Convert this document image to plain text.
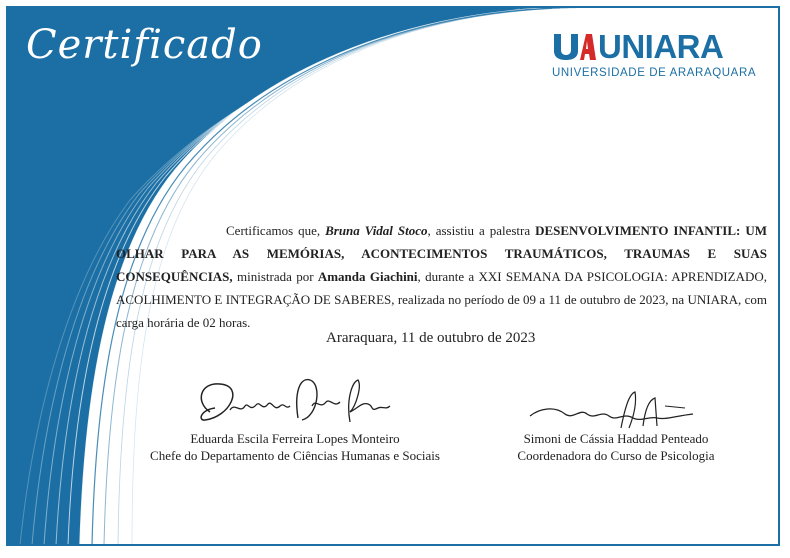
Certificado	UNIARA
UNIVERSIDADE DE ARARAQUARA
Certificamos que, Bruna Vidal Stoco, assistiu a palestra DESENVOLVIMENTO INFANTIL: UM OLHAR PARA AS MEMÓRIAS, ACONTECIMENTOS TRAUMÁTICOS, TRAUMAS E SUAS CONSEQUÊNCIAS, ministrada por Amanda Giachini, durante a XXI SEMANA DA PSICOLOGIA: APRENDIZADO, ACOLHIMENTO E INTEGRAÇÃO DE SABERES, realizada no período de 09 a 11 de outubro de 2023, na UNIARA, com carga horária de 02 horas.
Araraquara, 11 de outubro de 2023
Eduarda Escila Ferreira Lopes Monteiro
Chefe do Departamento de Ciências Humanas e Sociais
Simoni de Cássia Haddad Penteado
Coordenadora do Curso de Psicologia
